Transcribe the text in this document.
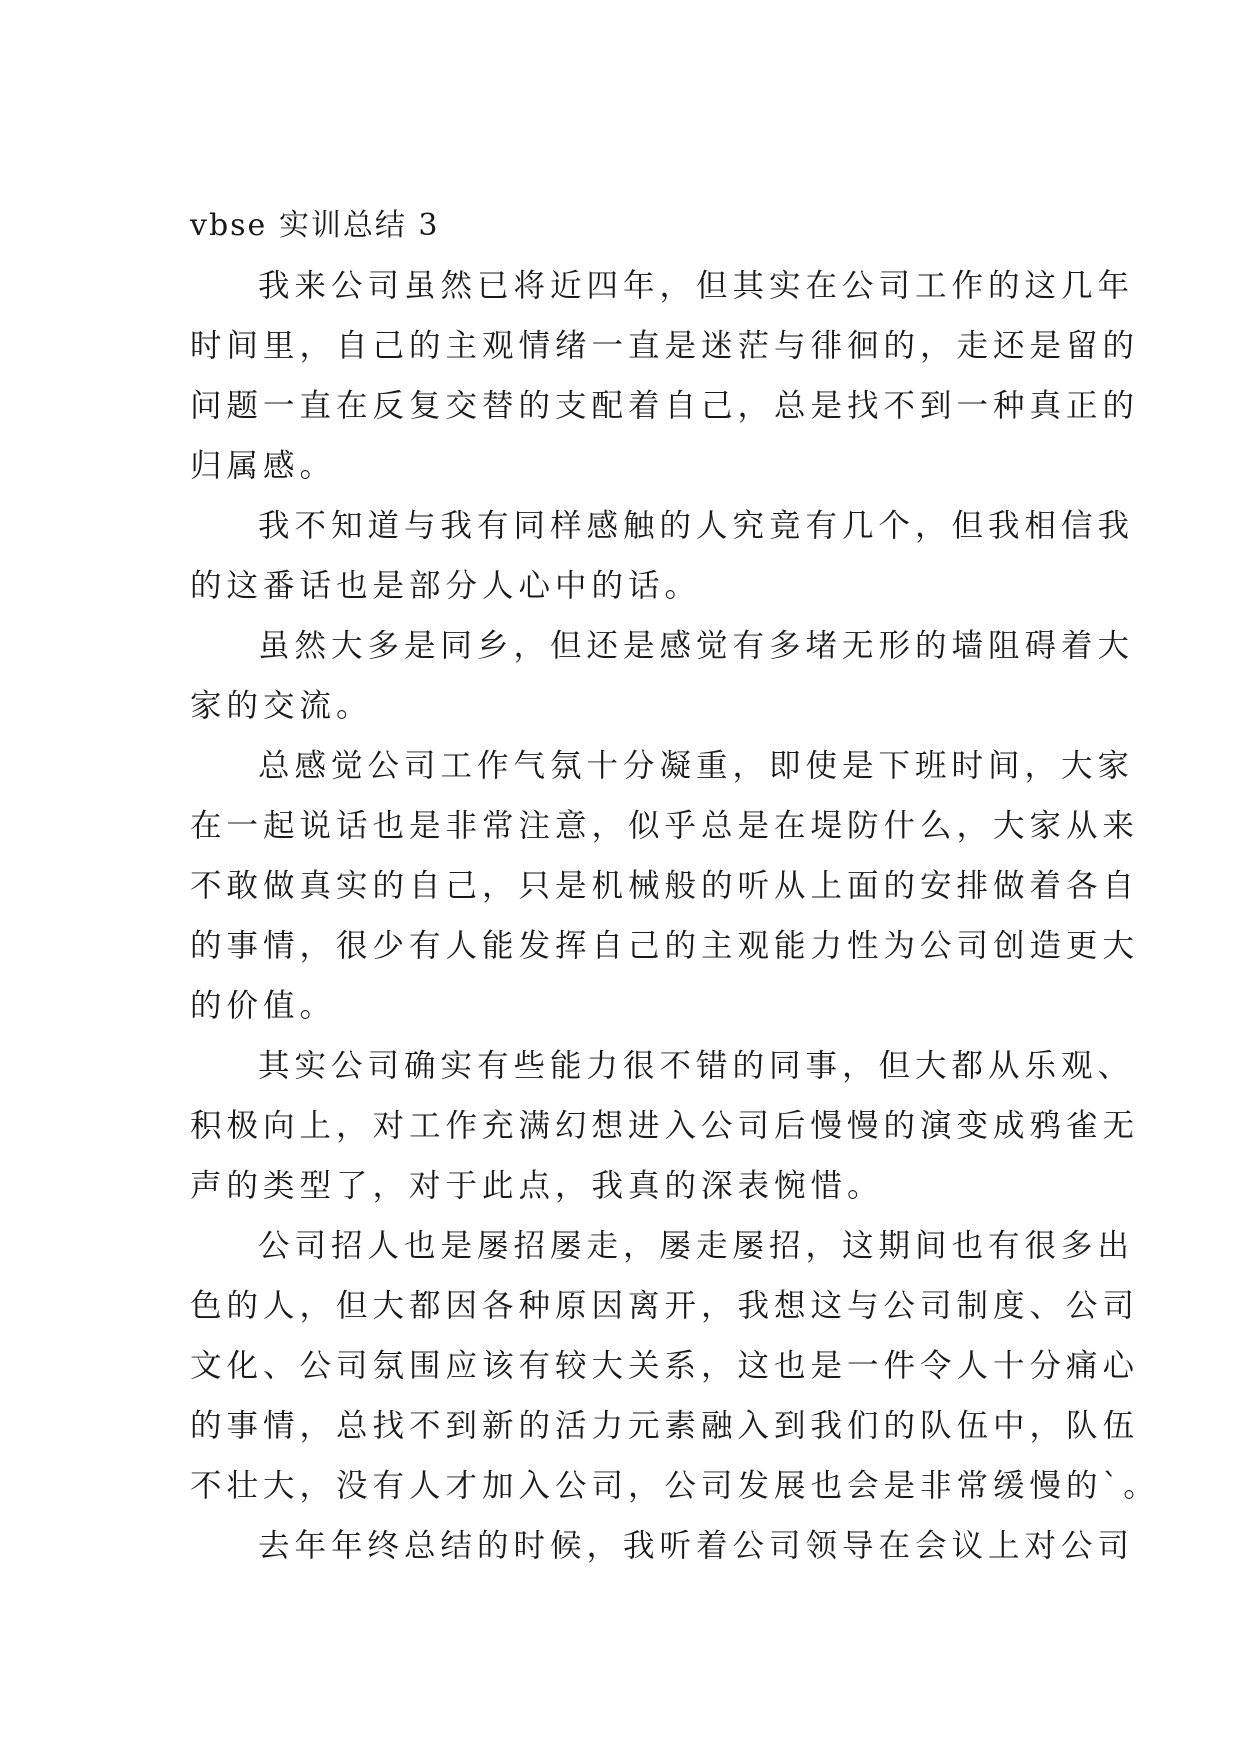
vbse 实训总结 3
我来公司虽然已将近四年，但其实在公司工作的这几年
时间里，自己的主观情绪一直是迷茫与徘徊的，走还是留的
问题一直在反复交替的支配着自己，总是找不到一种真正的
归属感。
我不知道与我有同样感触的人究竟有几个，但我相信我
的这番话也是部分人心中的话。
虽然大多是同乡，但还是感觉有多堵无形的墙阻碍着大
家的交流。
总感觉公司工作气氛十分凝重，即使是下班时间，大家
在一起说话也是非常注意，似乎总是在堤防什么，大家从来
不敢做真实的自己，只是机械般的听从上面的安排做着各自
的事情，很少有人能发挥自己的主观能力性为公司创造更大
的价值。
其实公司确实有些能力很不错的同事，但大都从乐观、
积极向上，对工作充满幻想进入公司后慢慢的演变成鸦雀无
声的类型了，对于此点，我真的深表惋惜。
公司招人也是屡招屡走，屡走屡招，这期间也有很多出
色的人，但大都因各种原因离开，我想这与公司制度、公司
文化、公司氛围应该有较大关系，这也是一件令人十分痛心
的事情，总找不到新的活力元素融入到我们的队伍中，队伍
不壮大，没有人才加入公司，公司发展也会是非常缓慢的`。
去年年终总结的时候，我听着公司领导在会议上对公司
